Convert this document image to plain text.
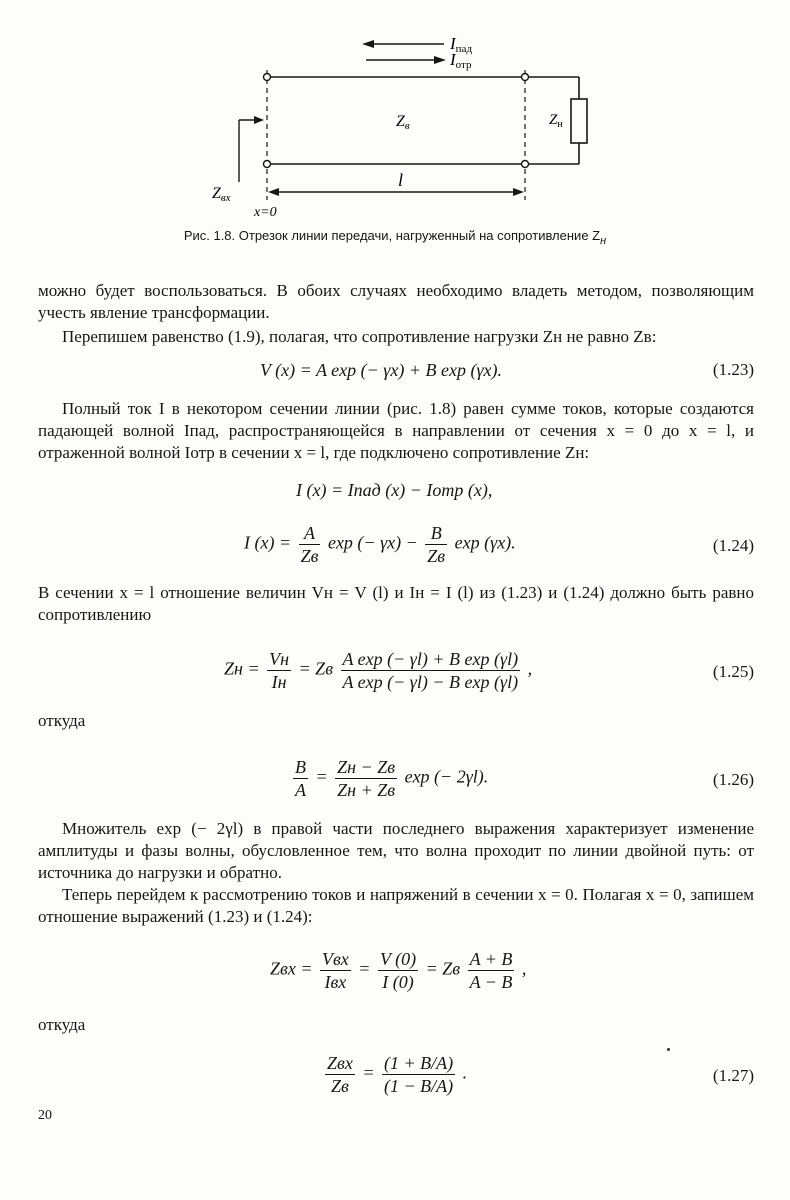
Iпад
Iотр
Zвх
Zв	$Z_н$
l
x=0
Рис. 1.8. Отрезок линии передачи, нагруженный на сопротивление $Z_н$

можно будет воспользоваться. В обоих случаях необходимо владеть методом, позволяющим учесть явление трансформации.

Перепишем равенство (1.9), полагая, что сопротивление нагрузки Zн не равно Zв:

V (x) = A exp (− γx) + B exp (γx).	(1.23)

Полный ток I в некотором сечении линии (рис. 1.8) равен сумме токов, которые создаются падающей волной Iпад, распространяющейся в направлении от сечения x = 0 до x = l, и отраженной волной Iотр в сечении x = l, где подключено сопротивление Zн:

I (x) = Iпад (x) − Iотр (x),
I $(x) = \frac{A}{Zв}$ exp (− $\gamma x) - \frac{B}{Zв}$ exp (γx).	(1.24)

В сечении x = l отношение величин Vн = V (l) и Iн = I (l) из (1.23) и (1.24) должно быть равно сопротивлению

Zн = $\frac{Vн}{Iн}$ = Zв $\frac{\text{A exp (− γl) + B exp (γl)}}{\text{A exp (− γl) − B exp (γl)}}$ ,	(1.25)

откуда

$\frac{B}{A} = \frac{Zн - Zв}{Zн + Zв}$ exp (− 2γl).	(1.26)

Множитель exp (− 2γl) в правой части последнего выражения характеризует изменение амплитуды и фазы волны, обусловленное тем, что волна проходит по линии двойной путь: от источника до нагрузки и обратно.

Теперь перейдем к рассмотрению токов и напряжений в сечении x = 0. Полагая x = 0, запишем отношение выражений (1.23) и (1.24):

Zвх = $\frac{\text{Vвх}}{\text{Iвх}} = \frac{V (0)}{I (0)}$ = Zв $\frac{A + B}{A - B}$ ,

откуда

$\frac{\text{Zвх}}{Zв} = \frac{(1 + B/A)}{(1 - B/A)}$ .	(1.27)
20
